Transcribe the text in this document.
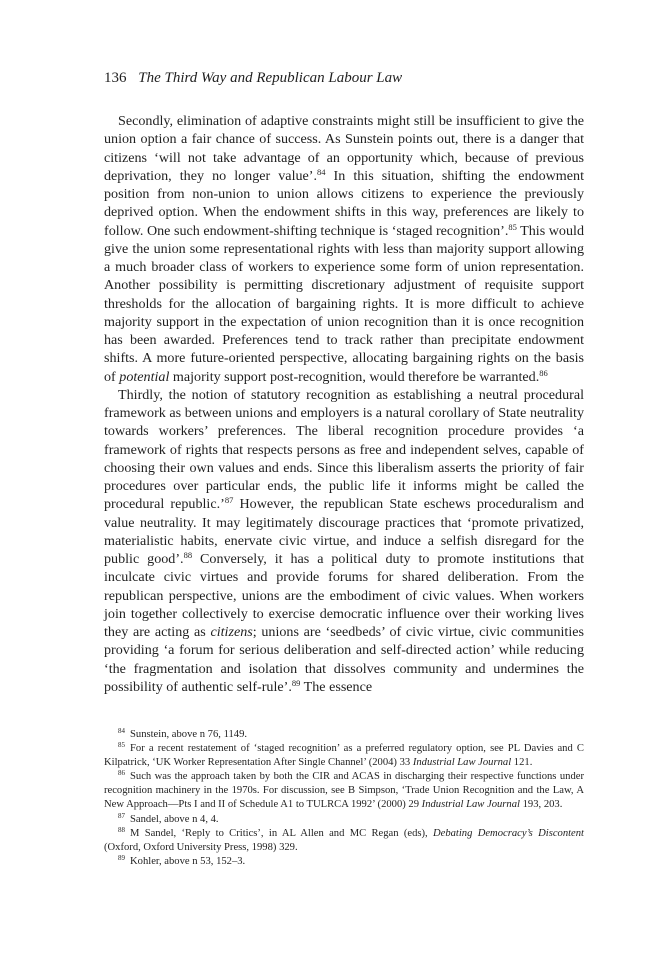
136 The Third Way and Republican Labour Law

Secondly, elimination of adaptive constraints might still be insufficient to give the union option a fair chance of success. As Sunstein points out, there is a danger that citizens ‘will not take advantage of an opportunity which, because of previous deprivation, they no longer value’.$^{84}$ In this situation, shifting the endowment position from non-union to union allows citizens to experience the previously deprived option. When the endowment shifts in this way, preferences are likely to follow. One such endowment-shifting technique is ‘staged recognition’.$^{85}$ This would give the union some representational rights with less than majority support allowing a much broader class of workers to experience some form of union representation. Another possibility is permitting discretionary adjustment of requisite support thresholds for the allocation of bargaining rights. It is more difficult to achieve majority support in the expectation of union recognition than it is once recognition has been awarded. Preferences tend to track rather than precipitate endowment shifts. A more future-oriented perspective, allocating bargaining rights on the basis of potential majority support post-recognition, would therefore be warranted.$^{86}$

Thirdly, the notion of statutory recognition as establishing a neutral procedural framework as between unions and employers is a natural corollary of State neutrality towards workers’ preferences. The liberal recognition procedure provides ‘a framework of rights that respects persons as free and independent selves, capable of choosing their own values and ends. Since this liberalism asserts the priority of fair procedures over particular ends, the public life it informs might be called the procedural republic.’$^{87}$ However, the republican State eschews proceduralism and value neutrality. It may legitimately discourage practices that ‘promote privatized, materialistic habits, enervate civic virtue, and induce a selfish disregard for the public good’.$^{88}$ Conversely, it has a political duty to promote institutions that inculcate civic virtues and provide forums for shared deliberation. From the republican perspective, unions are the embodiment of civic values. When workers join together collectively to exercise democratic influence over their working lives they are acting as citizens; unions are ‘seedbeds’ of civic virtue, civic communities providing ‘a forum for serious deliberation and self-directed action’ while reducing ‘the fragmentation and isolation that dissolves community and undermines the possibility of authentic self-rule’.$^{89}$ The essence

$^{84}$ Sunstein, above n 76, 1149.

$^{85}$ For a recent restatement of ‘staged recognition’ as a preferred regulatory option, see PL Davies and C Kilpatrick, ‘UK Worker Representation After Single Channel’ (2004) 33 Industrial Law Journal 121.

$^{86}$ Such was the approach taken by both the CIR and ACAS in discharging their respective functions under recognition machinery in the 1970s. For discussion, see B Simpson, ‘Trade Union Recognition and the Law, A New Approach—Pts I and II of Schedule A1 to TULRCA 1992’ (2000) 29 Industrial Law Journal 193, 203.

$^{87}$ Sandel, above n 4, 4.

$^{88}$ M Sandel, ‘Reply to Critics’, in AL Allen and MC Regan (eds), Debating Democracy’s Discontent (Oxford, Oxford University Press, 1998) 329.

$^{89}$ Kohler, above n 53, 152–3.
